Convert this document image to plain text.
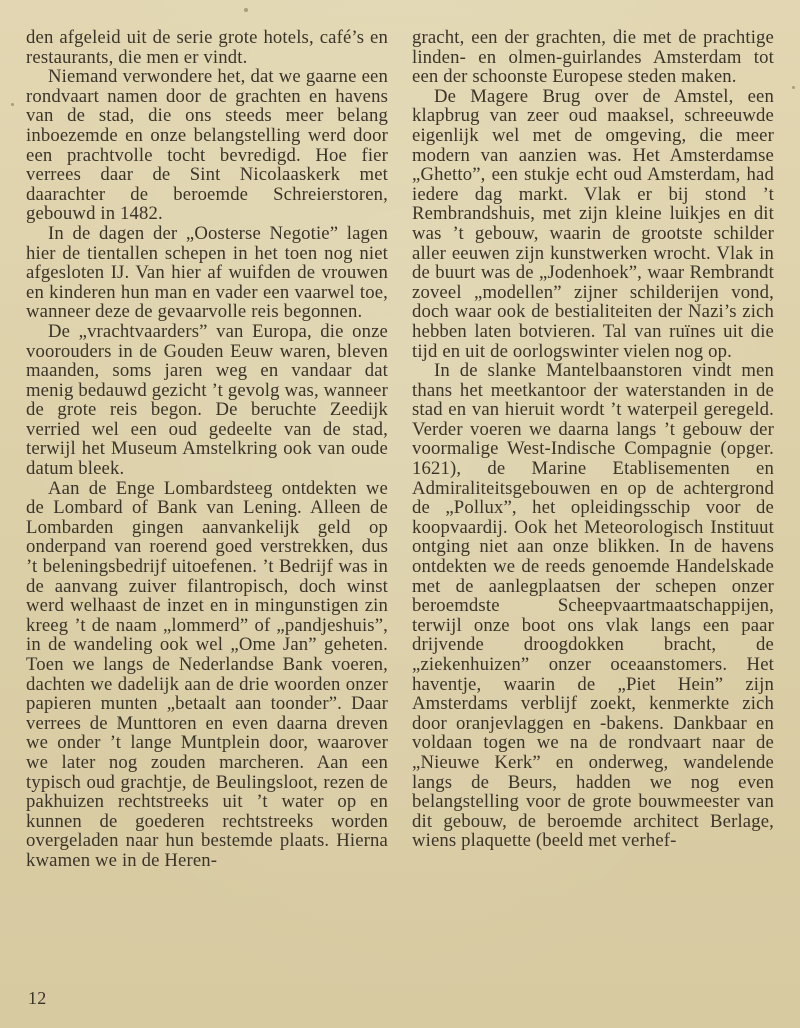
den afgeleid uit de serie grote hotels, café’s en restaurants, die men er vindt.

Niemand verwondere het, dat we gaarne een rondvaart namen door de grachten en havens van de stad, die ons steeds meer belang inboezemde en onze belangstelling werd door een prachtvolle tocht bevredigd. Hoe fier verrees daar de Sint Nicolaaskerk met daarachter de beroemde Schreierstoren, gebouwd in 1482.

In de dagen der „Oosterse Negotie” lagen hier de tientallen schepen in het toen nog niet afgesloten IJ. Van hier af wuifden de vrouwen en kinderen hun man en vader een vaarwel toe, wanneer deze de gevaarvolle reis begonnen.

De „vrachtvaarders” van Europa, die onze voorouders in de Gouden Eeuw waren, bleven maanden, soms jaren weg en vandaar dat menig bedauwd gezicht ’t gevolg was, wanneer de grote reis begon. De beruchte Zeedijk verried wel een oud gedeelte van de stad, terwijl het Museum Amstelkring ook van oude datum bleek.

Aan de Enge Lombardsteeg ontdekten we de Lombard of Bank van Lening. Alleen de Lombarden gingen aanvankelijk geld op onderpand van roerend goed verstrekken, dus ’t beleningsbedrijf uitoefenen. ’t Bedrijf was in de aanvang zuiver filantropisch, doch winst werd welhaast de inzet en in mingunstigen zin kreeg ’t de naam „lommerd” of „pandjeshuis”, in de wandeling ook wel „Ome Jan” geheten. Toen we langs de Nederlandse Bank voeren, dachten we dadelijk aan de drie woorden onzer papieren munten „betaalt aan toonder”. Daar verrees de Munttoren en even daarna dreven we onder ’t lange Muntplein door, waarover we later nog zouden marcheren. Aan een typisch oud grachtje, de Beulingsloot, rezen de pakhuizen rechtstreeks uit ’t water op en kunnen de goederen rechtstreeks worden overgeladen naar hun bestemde plaats. Hierna kwamen we in de Heren-

gracht, een der grachten, die met de prachtige linden- en olmen-guirlandes Amsterdam tot een der schoonste Europese steden maken.

De Magere Brug over de Amstel, een klapbrug van zeer oud maaksel, schreeuwde eigenlijk wel met de omgeving, die meer modern van aanzien was. Het Amsterdamse „Ghetto”, een stukje echt oud Amsterdam, had iedere dag markt. Vlak er bij stond ’t Rembrandshuis, met zijn kleine luikjes en dit was ’t gebouw, waarin de grootste schilder aller eeuwen zijn kunstwerken wrocht. Vlak in de buurt was de „Jodenhoek”, waar Rembrandt zoveel „modellen” zijner schilderijen vond, doch waar ook de bestialiteiten der Nazi’s zich hebben laten botvieren. Tal van ruïnes uit die tijd en uit de oorlogswinter vielen nog op.

In de slanke Mantelbaanstoren vindt men thans het meetkantoor der waterstanden in de stad en van hieruit wordt ’t waterpeil geregeld. Verder voeren we daarna langs ’t gebouw der voormalige West-Indische Compagnie (opger. 1621), de Marine Etablisementen en Admiraliteitsgebouwen en op de achtergrond de „Pollux”, het opleidingsschip voor de koopvaardij. Ook het Meteorologisch Instituut ontging niet aan onze blikken. In de havens ontdekten we de reeds genoemde Handelskade met de aanlegplaatsen der schepen onzer beroemdste Scheepvaartmaatschappijen, terwijl onze boot ons vlak langs een paar drijvende droogdokken bracht, de „ziekenhuizen” onzer oceaanstomers. Het haventje, waarin de „Piet Hein” zijn Amsterdams verblijf zoekt, kenmerkte zich door oranjevlaggen en -bakens. Dankbaar en voldaan togen we na de rondvaart naar de „Nieuwe Kerk” en onderweg, wandelende langs de Beurs, hadden we nog even belangstelling voor de grote bouwmeester van dit gebouw, de beroemde architect Berlage, wiens plaquette (beeld met verhef-

12
